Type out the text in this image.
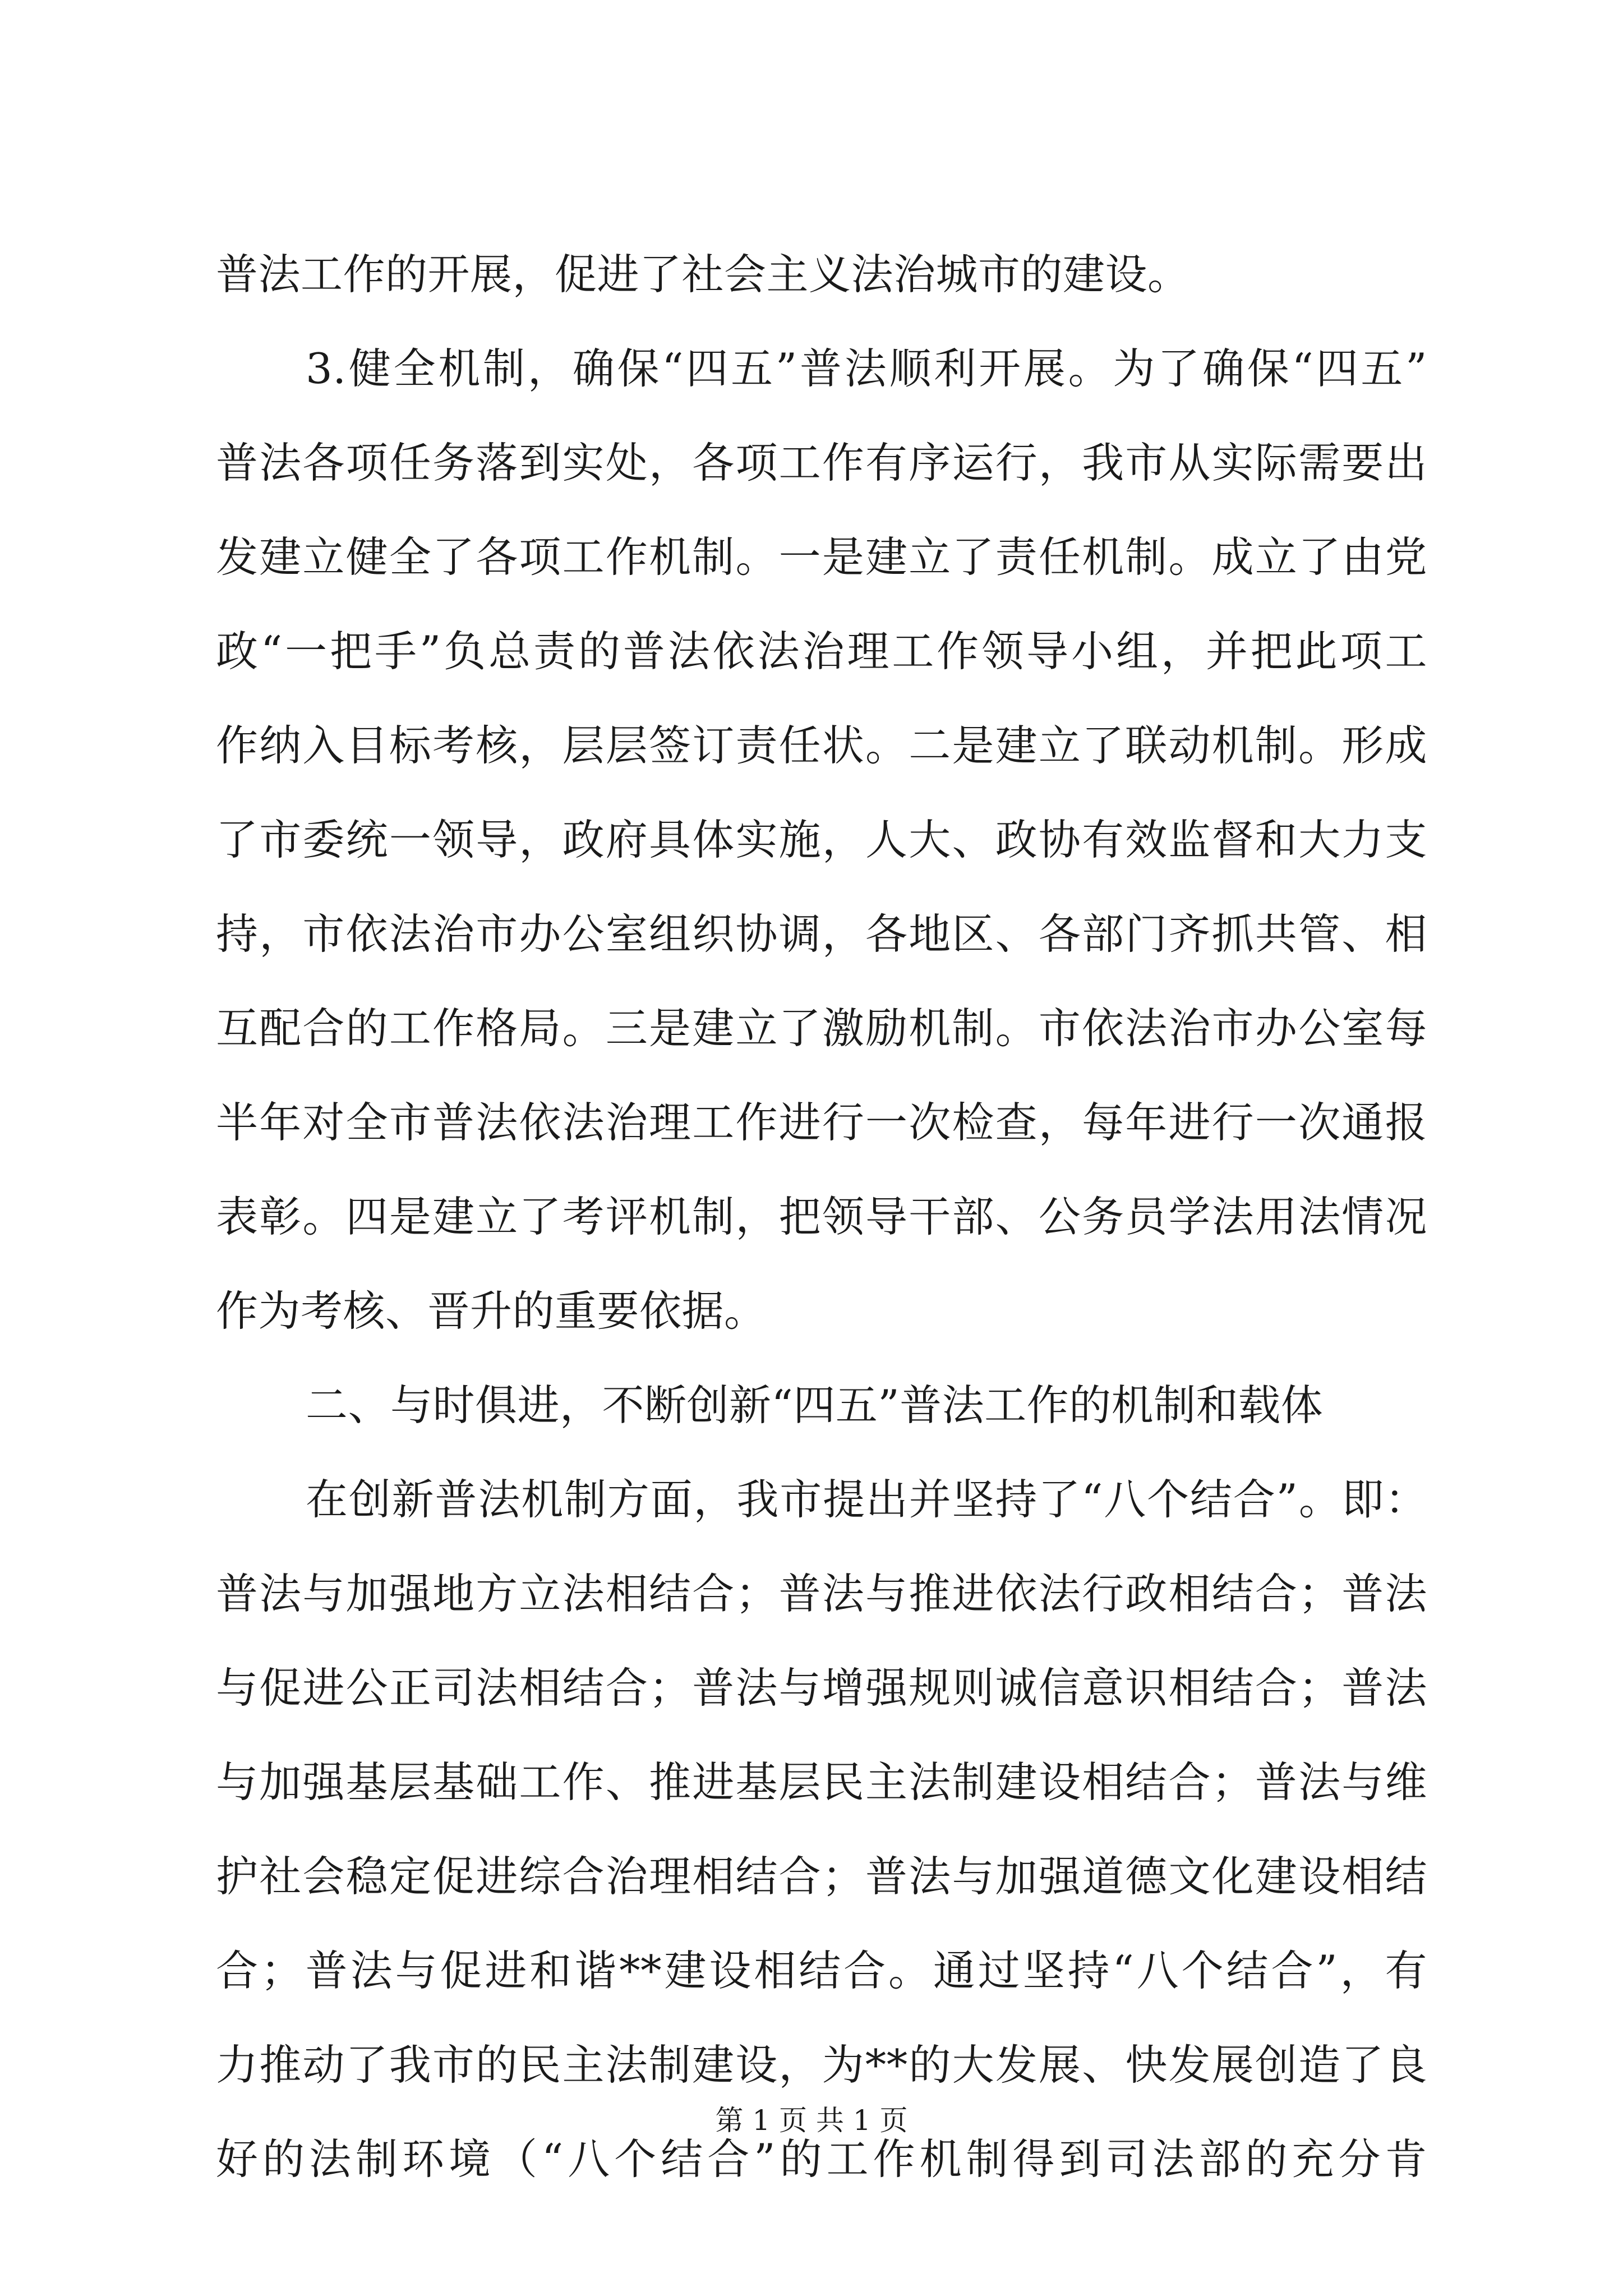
普法工作的开展，促进了社会主义法治城市的建设。
3.健全机制，确保“四五”普法顺利开展。为了确保“四五”
普法各项任务落到实处，各项工作有序运行，我市从实际需要出
发建立健全了各项工作机制。一是建立了责任机制。成立了由党
政“一把手”负总责的普法依法治理工作领导小组，并把此项工
作纳入目标考核，层层签订责任状。二是建立了联动机制。形成
了市委统一领导，政府具体实施，人大、政协有效监督和大力支
持，市依法治市办公室组织协调，各地区、各部门齐抓共管、相
互配合的工作格局。三是建立了激励机制。市依法治市办公室每
半年对全市普法依法治理工作进行一次检查，每年进行一次通报
表彰。四是建立了考评机制，把领导干部、公务员学法用法情况
作为考核、晋升的重要依据。
二、与时俱进，不断创新“四五”普法工作的机制和载体
在创新普法机制方面，我市提出并坚持了“八个结合”。即：
普法与加强地方立法相结合；普法与推进依法行政相结合；普法
与促进公正司法相结合；普法与增强规则诚信意识相结合；普法
与加强基层基础工作、推进基层民主法制建设相结合；普法与维
护社会稳定促进综合治理相结合；普法与加强道德文化建设相结
合；普法与促进和谐**建设相结合。通过坚持“八个结合”，有
力推动了我市的民主法制建设，为**的大发展、快发展创造了良
好的法制环境（“八个结合”的工作机制得到司法部的充分肯
第 1 页 共 1 页
